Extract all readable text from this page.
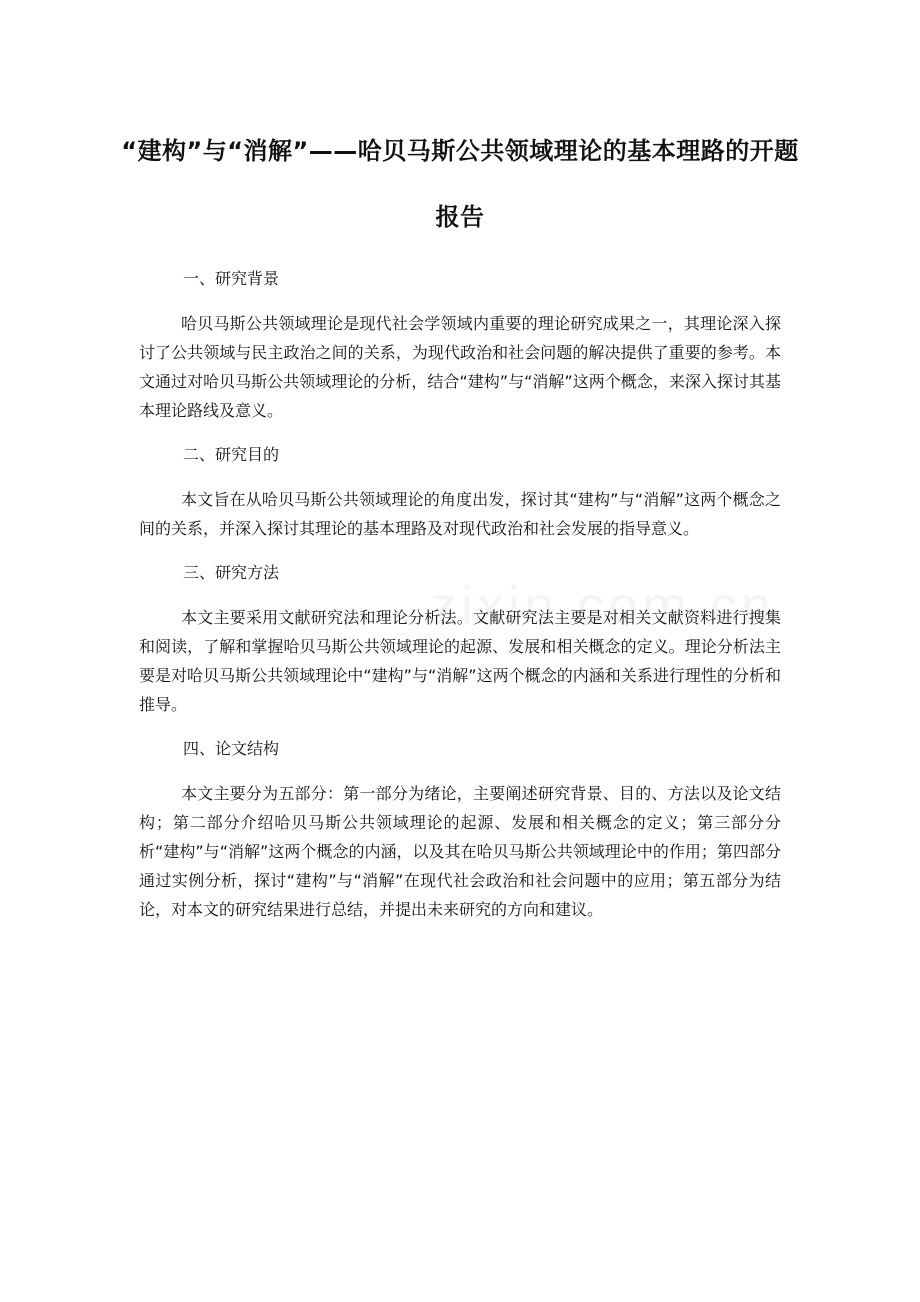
“建构”与“消解”——哈贝马斯公共领域理论的基本理路的开题报告

一、研究背景

哈贝马斯公共领域理论是现代社会学领域内重要的理论研究成果之一，其理论深入探讨了公共领域与民主政治之间的关系，为现代政治和社会问题的解决提供了重要的参考。本文通过对哈贝马斯公共领域理论的分析，结合“建构”与“消解”这两个概念，来深入探讨其基本理论路线及意义。

二、研究目的

本文旨在从哈贝马斯公共领域理论的角度出发，探讨其“建构”与“消解”这两个概念之间的关系，并深入探讨其理论的基本理路及对现代政治和社会发展的指导意义。

三、研究方法

本文主要采用文献研究法和理论分析法。文献研究法主要是对相关文献资料进行搜集和阅读，了解和掌握哈贝马斯公共领域理论的起源、发展和相关概念的定义。理论分析法主要是对哈贝马斯公共领域理论中“建构”与“消解”这两个概念的内涵和关系进行理性的分析和推导。

四、论文结构

本文主要分为五部分：第一部分为绪论，主要阐述研究背景、目的、方法以及论文结构；第二部分介绍哈贝马斯公共领域理论的起源、发展和相关概念的定义；第三部分分析“建构”与“消解”这两个概念的内涵，以及其在哈贝马斯公共领域理论中的作用；第四部分通过实例分析，探讨“建构”与“消解”在现代社会政治和社会问题中的应用；第五部分为结论，对本文的研究结果进行总结，并提出未来研究的方向和建议。
